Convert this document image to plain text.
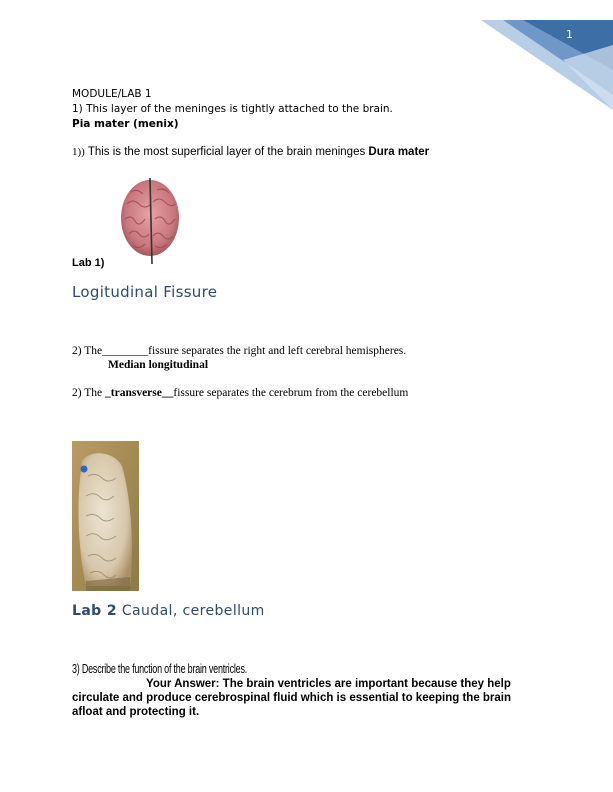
1
MODULE/LAB 1
1) This layer of the meninges is tightly attached to the brain.
Pia mater (menix)
1)) This is the most superficial layer of the brain meninges Dura mater
Lab 1)
Logitudinal Fissure
2) The________fissure separates the right and left cerebral hemispheres.
Median longitudinal
2) The _transverse__fissure separates the cerebrum from the cerebellum
Lab 2 Caudal, cerebellum
3) Describe the function of the brain ventricles.
Your Answer: The brain ventricles are important because they help
circulate and produce cerebrospinal fluid which is essential to keeping the brain
afloat and protecting it.
